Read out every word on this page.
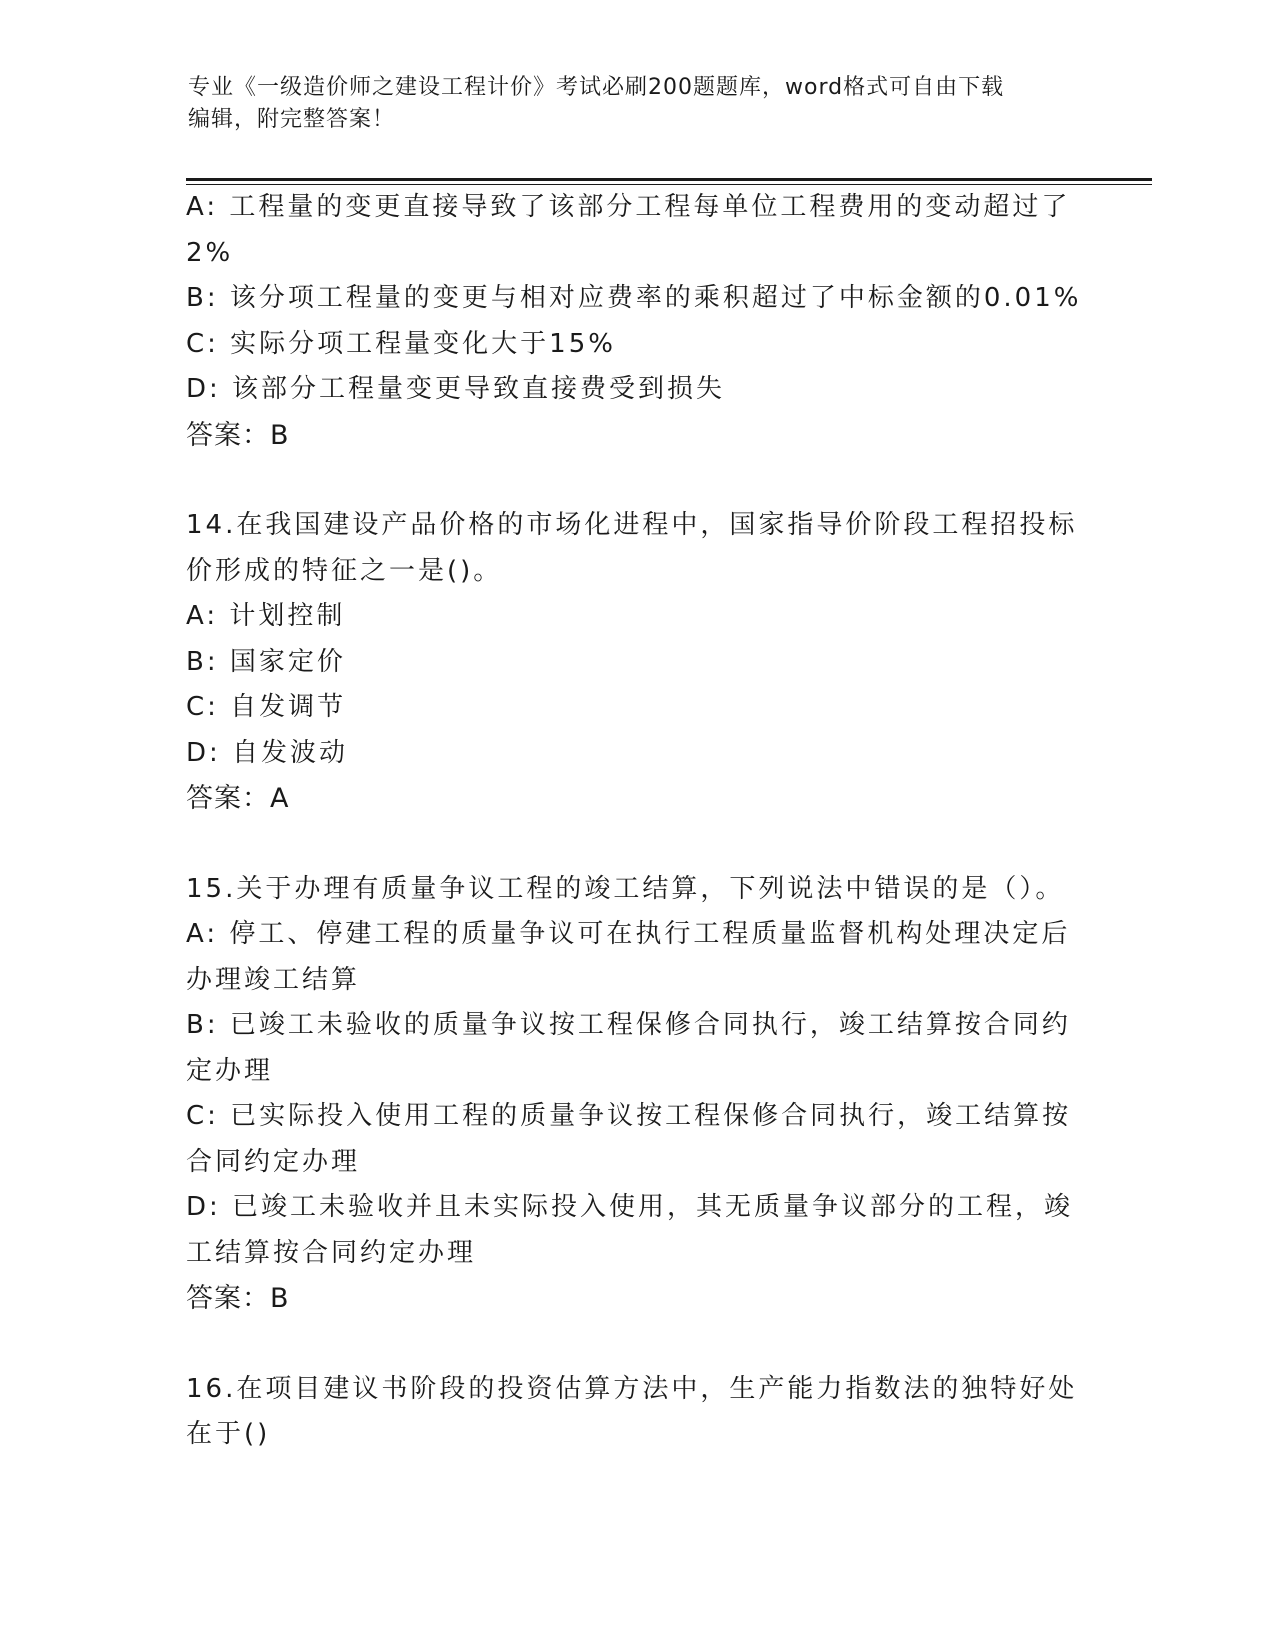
专业《一级造价师之建设工程计价》考试必刷200题题库，word格式可自由下载
编辑，附完整答案！
A: 工程量的变更直接导致了该部分工程每单位工程费用的变动超过了
2%
B: 该分项工程量的变更与相对应费率的乘积超过了中标金额的0.01%
C: 实际分项工程量变化大于15%
D: 该部分工程量变更导致直接费受到损失
答案：B
14.在我国建设产品价格的市场化进程中，国家指导价阶段工程招投标
价形成的特征之一是()。
A: 计划控制
B: 国家定价
C: 自发调节
D: 自发波动
答案：A
15.关于办理有质量争议工程的竣工结算，下列说法中错误的是（）。
A: 停工、停建工程的质量争议可在执行工程质量监督机构处理决定后
办理竣工结算
B: 已竣工未验收的质量争议按工程保修合同执行，竣工结算按合同约
定办理
C: 已实际投入使用工程的质量争议按工程保修合同执行，竣工结算按
合同约定办理
D: 已竣工未验收并且未实际投入使用，其无质量争议部分的工程，竣
工结算按合同约定办理
答案：B
16.在项目建议书阶段的投资估算方法中，生产能力指数法的独特好处
在于()
